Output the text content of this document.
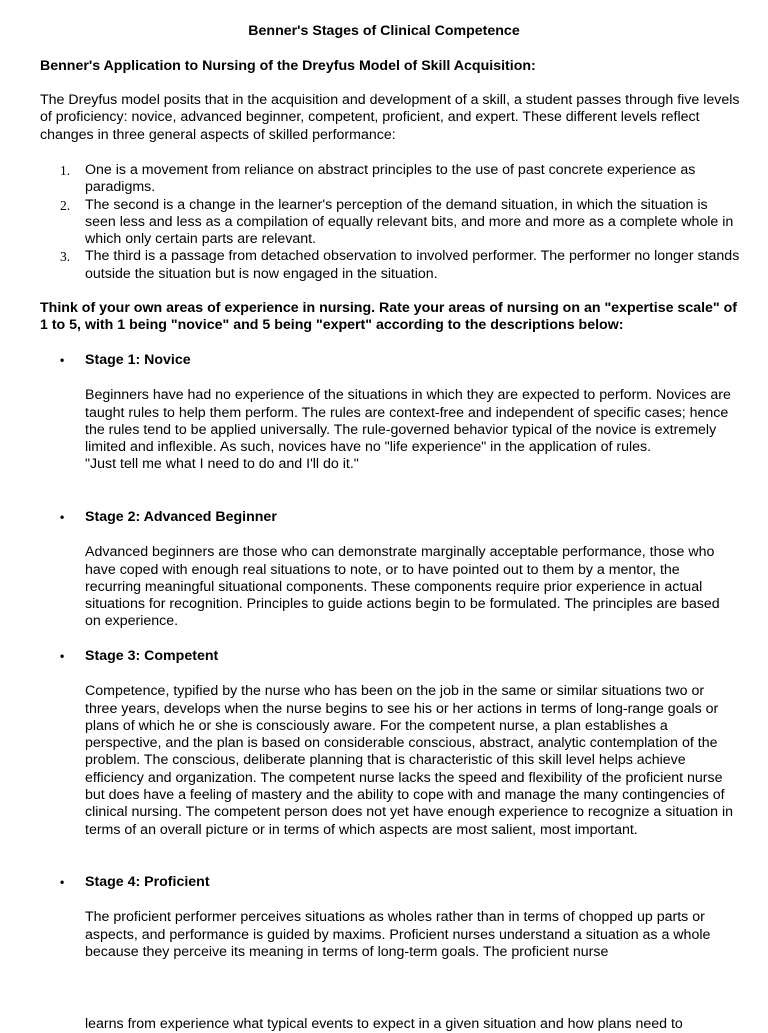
Benner's Stages of Clinical Competence
Benner's Application to Nursing of the Dreyfus Model of Skill Acquisition:
The Dreyfus model posits that in the acquisition and development of a skill, a student passes through five levels of proficiency: novice, advanced beginner, competent, proficient, and expert. These different levels reflect changes in three general aspects of skilled performance:
1. One is a movement from reliance on abstract principles to the use of past concrete experience as paradigms.
2. The second is a change in the learner's perception of the demand situation, in which the situation is seen less and less as a compilation of equally relevant bits, and more and more as a complete whole in which only certain parts are relevant.
3. The third is a passage from detached observation to involved performer. The performer no longer stands outside the situation but is now engaged in the situation.
Think of your own areas of experience in nursing. Rate your areas of nursing on an "expertise scale" of 1 to 5, with 1 being "novice" and 5 being "expert" according to the descriptions below:
• Stage 1: Novice
Beginners have had no experience of the situations in which they are expected to perform. Novices are taught rules to help them perform. The rules are context-free and independent of specific cases; hence the rules tend to be applied universally. The rule-governed behavior typical of the novice is extremely limited and inflexible. As such, novices have no "life experience" in the application of rules.
"Just tell me what I need to do and I'll do it."
• Stage 2: Advanced Beginner
Advanced beginners are those who can demonstrate marginally acceptable performance, those who have coped with enough real situations to note, or to have pointed out to them by a mentor, the recurring meaningful situational components. These components require prior experience in actual situations for recognition. Principles to guide actions begin to be formulated. The principles are based on experience.
• Stage 3: Competent
Competence, typified by the nurse who has been on the job in the same or similar situations two or three years, develops when the nurse begins to see his or her actions in terms of long-range goals or plans of which he or she is consciously aware. For the competent nurse, a plan establishes a perspective, and the plan is based on considerable conscious, abstract, analytic contemplation of the problem. The conscious, deliberate planning that is characteristic of this skill level helps achieve efficiency and organization. The competent nurse lacks the speed and flexibility of the proficient nurse but does have a feeling of mastery and the ability to cope with and manage the many contingencies of clinical nursing. The competent person does not yet have enough experience to recognize a situation in terms of an overall picture or in terms of which aspects are most salient, most important.
• Stage 4: Proficient
The proficient performer perceives situations as wholes rather than in terms of chopped up parts or aspects, and performance is guided by maxims. Proficient nurses understand a situation as a whole because they perceive its meaning in terms of long-term goals. The proficient nurse
learns from experience what typical events to expect in a given situation and how plans need to
